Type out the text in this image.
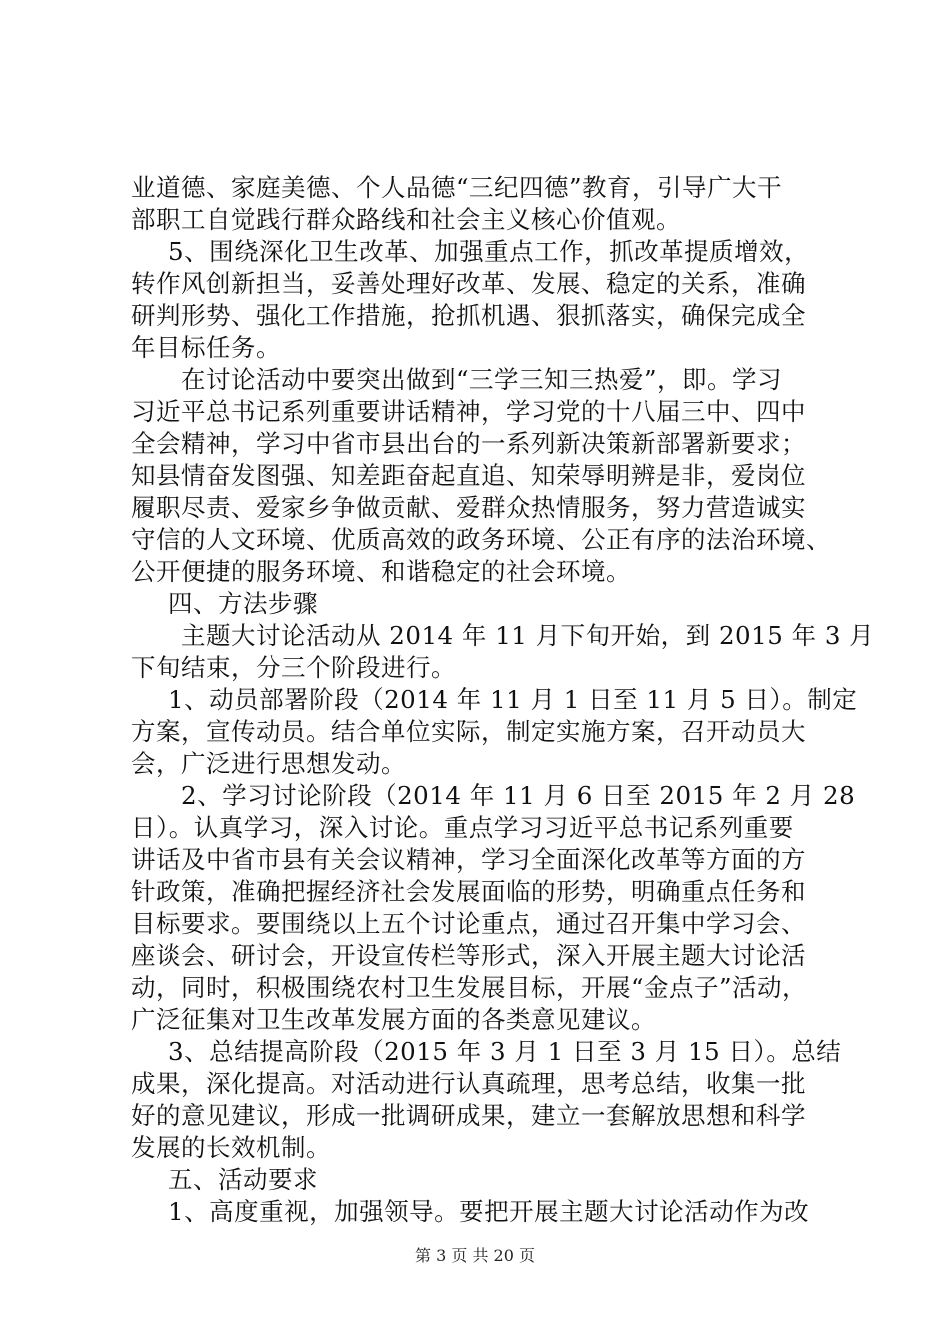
业道德、家庭美德、个人品德“三纪四德”教育，引导广大干
部职工自觉践行群众路线和社会主义核心价值观。
5、围绕深化卫生改革、加强重点工作，抓改革提质增效，
转作风创新担当，妥善处理好改革、发展、稳定的关系，准确
研判形势、强化工作措施，抢抓机遇、狠抓落实，确保完成全
年目标任务。
在讨论活动中要突出做到“三学三知三热爱”，即。学习
习近平总书记系列重要讲话精神，学习党的十八届三中、四中
全会精神，学习中省市县出台的一系列新决策新部署新要求；
知县情奋发图强、知差距奋起直追、知荣辱明辨是非，爱岗位
履职尽责、爱家乡争做贡献、爱群众热情服务，努力营造诚实
守信的人文环境、优质高效的政务环境、公正有序的法治环境、
公开便捷的服务环境、和谐稳定的社会环境。
四、方法步骤
主题大讨论活动从 2014 年 11 月下旬开始，到 2015 年 3 月
下旬结束，分三个阶段进行。
1、动员部署阶段（2014 年 11 月 1 日至 11 月 5 日）。制定
方案，宣传动员。结合单位实际，制定实施方案，召开动员大
会，广泛进行思想发动。
2、学习讨论阶段（2014 年 11 月 6 日至 2015 年 2 月 28
日）。认真学习，深入讨论。重点学习习近平总书记系列重要
讲话及中省市县有关会议精神，学习全面深化改革等方面的方
针政策，准确把握经济社会发展面临的形势，明确重点任务和
目标要求。要围绕以上五个讨论重点，通过召开集中学习会、
座谈会、研讨会，开设宣传栏等形式，深入开展主题大讨论活
动，同时，积极围绕农村卫生发展目标，开展“金点子”活动，
广泛征集对卫生改革发展方面的各类意见建议。
3、总结提高阶段（2015 年 3 月 1 日至 3 月 15 日）。总结
成果，深化提高。对活动进行认真疏理，思考总结，收集一批
好的意见建议，形成一批调研成果，建立一套解放思想和科学
发展的长效机制。
五、活动要求
1、高度重视，加强领导。要把开展主题大讨论活动作为改
第 3 页 共 20 页
